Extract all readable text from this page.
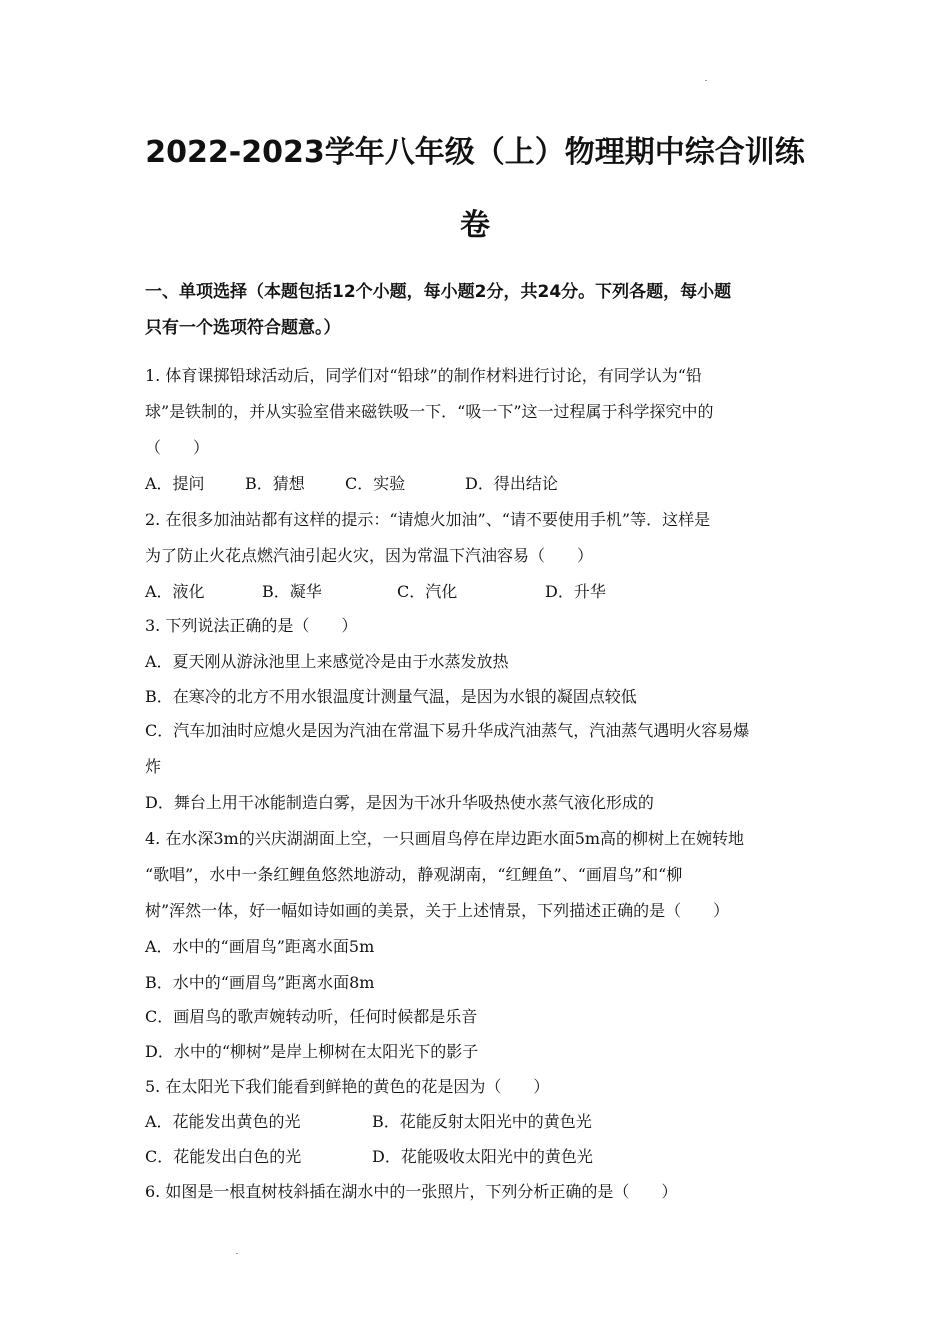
2022-2023学年八年级（上）物理期中综合训练
卷
一、单项选择（本题包括12个小题，每小题2分，共24分。下列各题，每小题
只有一个选项符合题意。）
1. 体育课掷铅球活动后，同学们对“铅球”的制作材料进行讨论，有同学认为“铅
球”是铁制的，并从实验室借来磁铁吸一下．“吸一下”这一过程属于科学探究中的
（　　）
A．提问	B．猜想	C．实验	D．得出结论
2. 在很多加油站都有这样的提示：“请熄火加油”、“请不要使用手机”等．这样是
为了防止火花点燃汽油引起火灾，因为常温下汽油容易（　　）
A．液化	B．凝华	C．汽化	D．升华
3. 下列说法正确的是（　　）
A．夏天刚从游泳池里上来感觉冷是由于水蒸发放热
B．在寒冷的北方不用水银温度计测量气温，是因为水银的凝固点较低
C．汽车加油时应熄火是因为汽油在常温下易升华成汽油蒸气，汽油蒸气遇明火容易爆
炸
D．舞台上用干冰能制造白雾，是因为干冰升华吸热使水蒸气液化形成的
4. 在水深3m的兴庆湖湖面上空，一只画眉鸟停在岸边距水面5m高的柳树上在婉转地
“歌唱”，水中一条红鲤鱼悠然地游动，静观湖南，“红鲤鱼”、“画眉鸟”和“柳
树”浑然一体，好一幅如诗如画的美景，关于上述情景，下列描述正确的是（　　）
A．水中的“画眉鸟”距离水面5m
B．水中的“画眉鸟”距离水面8m
C．画眉鸟的歌声婉转动听，任何时候都是乐音
D．水中的“柳树”是岸上柳树在太阳光下的影子
5. 在太阳光下我们能看到鲜艳的黄色的花是因为（　　）
A．花能发出黄色的光	B．花能反射太阳光中的黄色光
C．花能发出白色的光	D．花能吸收太阳光中的黄色光
6. 如图是一根直树枝斜插在湖水中的一张照片，下列分析正确的是（　　）
